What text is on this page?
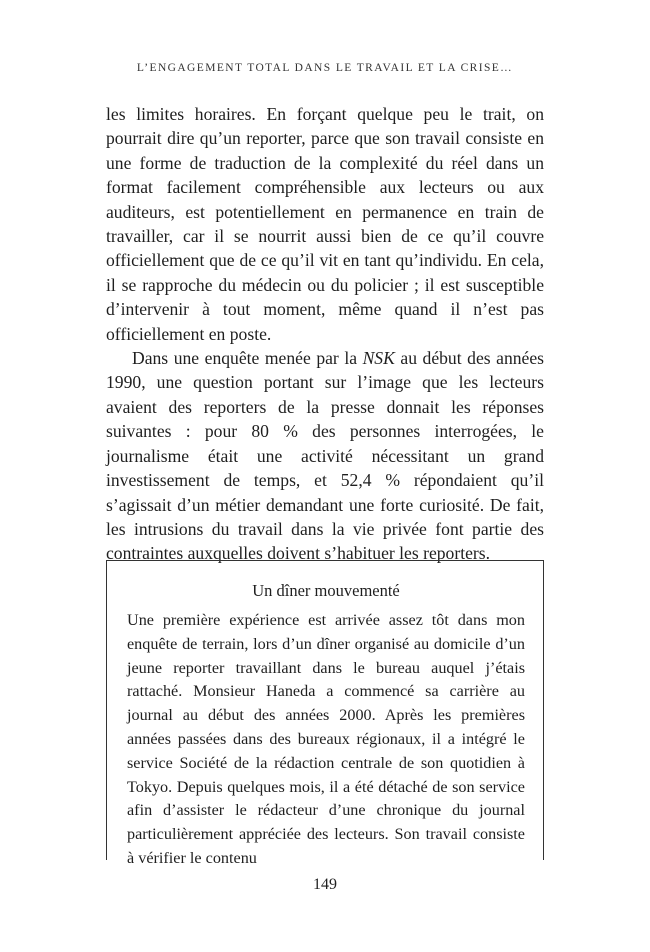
L’ENGAGEMENT TOTAL DANS LE TRAVAIL ET LA CRISE…

les limites horaires. En forçant quelque peu le trait, on pourrait dire qu’un reporter, parce que son travail consiste en une forme de traduction de la complexité du réel dans un format facilement compréhensible aux lecteurs ou aux auditeurs, est potentiellement en permanence en train de travailler, car il se nourrit aussi bien de ce qu’il couvre officiellement que de ce qu’il vit en tant qu’individu. En cela, il se rapproche du médecin ou du policier ; il est susceptible d’intervenir à tout moment, même quand il n’est pas officiellement en poste.

Dans une enquête menée par la NSK au début des années 1990, une question portant sur l’image que les lecteurs avaient des reporters de la presse donnait les réponses suivantes : pour 80 % des personnes interrogées, le journalisme était une activité nécessitant un grand investissement de temps, et 52,4 % répondaient qu’il s’agissait d’un métier demandant une forte curiosité. De fait, les intrusions du travail dans la vie privée font partie des contraintes auxquelles doivent s’habituer les reporters.

Un dîner mouvementé

Une première expérience est arrivée assez tôt dans mon enquête de terrain, lors d’un dîner organisé au domicile d’un jeune reporter travaillant dans le bureau auquel j’étais rattaché. Monsieur Haneda a commencé sa carrière au journal au début des années 2000. Après les premières années passées dans des bureaux régionaux, il a intégré le service Société de la rédaction centrale de son quotidien à Tokyo. Depuis quelques mois, il a été détaché de son service afin d’assister le rédacteur d’une chronique du journal particulièrement appréciée des lecteurs. Son travail consiste à vérifier le contenu

149
